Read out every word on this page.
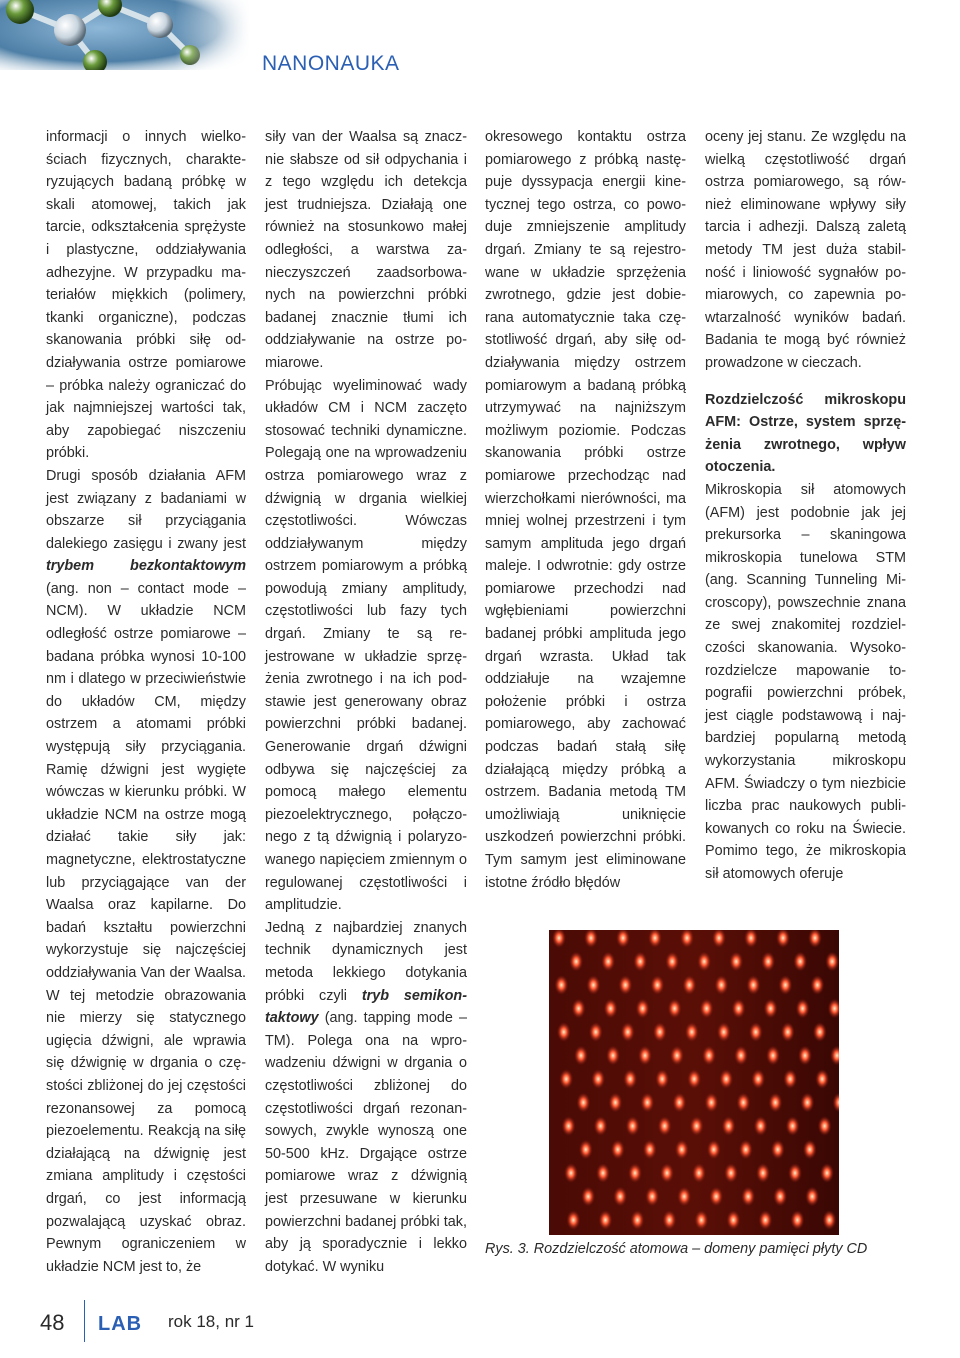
NANONAUKA

informacji o innych wielkościach fizycznych, charakteryzujących badaną próbkę w skali atomowej, takich jak tarcie, odkształcenia sprężyste i plastyczne, oddziaływania adhezyjne. W przypadku materiałów miękkich (polimery, tkanki organiczne), podczas skanowania próbki siłę oddziaływania ostrze pomiarowe – próbka należy ograniczać do jak najmniejszej wartości tak, aby zapobiegać niszczeniu próbki.

Drugi sposób działania AFM jest związany z badaniami w obszarze sił przyciągania dalekiego zasięgu i zwany jest trybem bezkontaktowym (ang. non – contact mode – NCM). W układzie NCM odległość ostrze pomiarowe – badana próbka wynosi 10-100 nm i dlatego w przeciwieństwie do układów CM, między ostrzem a atomami próbki występują siły przyciągania. Ramię dźwigni jest wygięte wówczas w kierunku próbki. W układzie NCM na ostrze mogą działać takie siły jak: magnetyczne, elektrostatyczne lub przyciągające van der Waalsa oraz kapilarne. Do badań kształtu powierzchni wykorzystuje się najczęściej oddziaływania Van der Waalsa. W tej metodzie obrazowania nie mierzy się statycznego ugięcia dźwigni, ale wprawia się dźwignię w drgania o częstości zbliżonej do jej częstości rezonansowej za pomocą piezoelementu. Reakcją na siłę działającą na dźwignię jest zmiana amplitudy i częstości drgań, co jest informacją pozwalającą uzyskać obraz. Pewnym ograniczeniem w układzie NCM jest to, że

siły van der Waalsa są znacznie słabsze od sił odpychania i z tego względu ich detekcja jest trudniejsza. Działają one również na stosunkowo małej odległości, a warstwa zanieczyszczeń zaadsorbowanych na powierzchni próbki badanej znacznie tłumi ich oddziaływanie na ostrze pomiarowe.

Próbując wyeliminować wady układów CM i NCM zaczęto stosować techniki dynamiczne. Polegają one na wprowadzeniu ostrza pomiarowego wraz z dźwignią w drgania wielkiej częstotliwości. Wówczas oddziaływanym między ostrzem pomiarowym a próbką powodują zmiany amplitudy, częstotliwości lub fazy tych drgań. Zmiany te są rejestrowane w układzie sprzężenia zwrotnego i na ich podstawie jest generowany obraz powierzchni próbki badanej. Generowanie drgań dźwigni odbywa się najczęściej za pomocą małego elementu piezoelektrycznego, połączonego z tą dźwignią i polaryzowanego napięciem zmiennym o regulowanej częstotliwości i amplitudzie.

Jedną z najbardziej znanych technik dynamicznych jest metoda lekkiego dotykania próbki czyli tryb semikontaktowy (ang. tapping mode – TM). Polega ona na wprowadzeniu dźwigni w drgania o częstotliwości zbliżonej do częstotliwości drgań rezonansowych, zwykle wynoszą one 50-500 kHz. Drgające ostrze pomiarowe wraz z dźwignią jest przesuwane w kierunku powierzchni badanej próbki tak, aby ją sporadycznie i lekko dotykać. W wyniku

okresowego kontaktu ostrza pomiarowego z próbką następuje dyssypacja energii kinetycznej tego ostrza, co powoduje zmniejszenie amplitudy drgań. Zmiany te są rejestrowane w układzie sprzężenia zwrotnego, gdzie jest dobierana automatycznie taka częstotliwość drgań, aby siłę oddziaływania między ostrzem pomiarowym a badaną próbką utrzymywać na najniższym możliwym poziomie. Podczas skanowania próbki ostrze pomiarowe przechodząc nad wierzchołkami nierówności, ma mniej wolnej przestrzeni i tym samym amplituda jego drgań maleje. I odwrotnie: gdy ostrze pomiarowe przechodzi nad wgłębieniami powierzchni badanej próbki amplituda jego drgań wzrasta. Układ tak oddziałuje na wzajemne położenie próbki i ostrza pomiarowego, aby zachować podczas badań stałą siłę działającą między próbką a ostrzem. Badania metodą TM umożliwiają uniknięcie uszkodzeń powierzchni próbki. Tym samym jest eliminowane istotne źródło błędów

oceny jej stanu. Ze względu na wielką częstotliwość drgań ostrza pomiarowego, są również eliminowane wpływy siły tarcia i adhezji. Dalszą zaletą metody TM jest duża stabilność i liniowość sygnałów pomiarowych, co zapewnia powtarzalność wyników badań. Badania te mogą być również prowadzone w cieczach.

Rozdzielczość mikroskopu AFM: Ostrze, system sprzężenia zwrotnego, wpływ otoczenia.

Mikroskopia sił atomowych (AFM) jest podobnie jak jej prekursorka – skaningowa mikroskopia tunelowa STM (ang. Scanning Tunneling Microscopy), powszechnie znana ze swej znakomitej rozdzielczości skanowania. Wysoko-rozdzielcze mapowanie topografii powierzchni próbek, jest ciągle podstawową i najbardziej popularną metodą wykorzystania mikroskopu AFM. Świadczy o tym niezbicie liczba prac naukowych publikowanych co roku na Świecie. Pomimo tego, że mikroskopia sił atomowych oferuje

Rys. 3. Rozdzielczość atomowa – domeny pamięci płyty CD
48 LAB rok 18, nr 1
